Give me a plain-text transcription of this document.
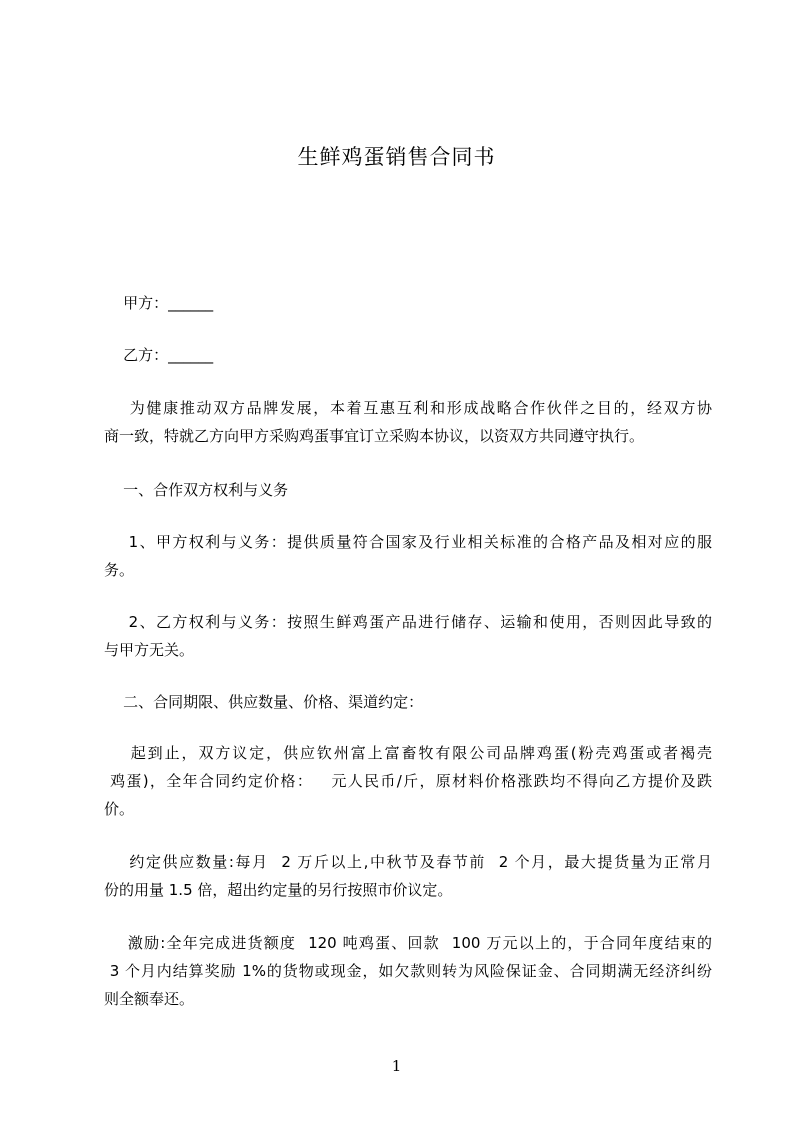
生鲜鸡蛋销售合同书
甲方：______
乙方：______
为健康推动双方品牌发展，本着互惠互利和形成战略合作伙伴之目的，经双方协
商一致，特就乙方向甲方采购鸡蛋事宜订立采购本协议，以资双方共同遵守执行。
一、合作双方权利与义务
1、甲方权利与义务：提供质量符合国家及行业相关标准的合格产品及相对应的服
务。
2、乙方权利与义务：按照生鲜鸡蛋产品进行储存、运输和使用，否则因此导致的
与甲方无关。
二、合同期限、供应数量、价格、渠道约定：
起到止，双方议定，供应钦州富上富畜牧有限公司品牌鸡蛋(粉壳鸡蛋或者褐壳
鸡蛋)，全年合同约定价格：   元人民币/斤，原材料价格涨跌均不得向乙方提价及跌
价。
约定供应数量:每月  2 万斤以上,中秋节及春节前  2 个月，最大提货量为正常月
份的用量 1.5 倍，超出约定量的另行按照市价议定。
激励:全年完成进货额度  120 吨鸡蛋、回款  100 万元以上的，于合同年度结束的
3 个月内结算奖励 1%的货物或现金，如欠款则转为风险保证金、合同期满无经济纠纷
则全额奉还。
1
